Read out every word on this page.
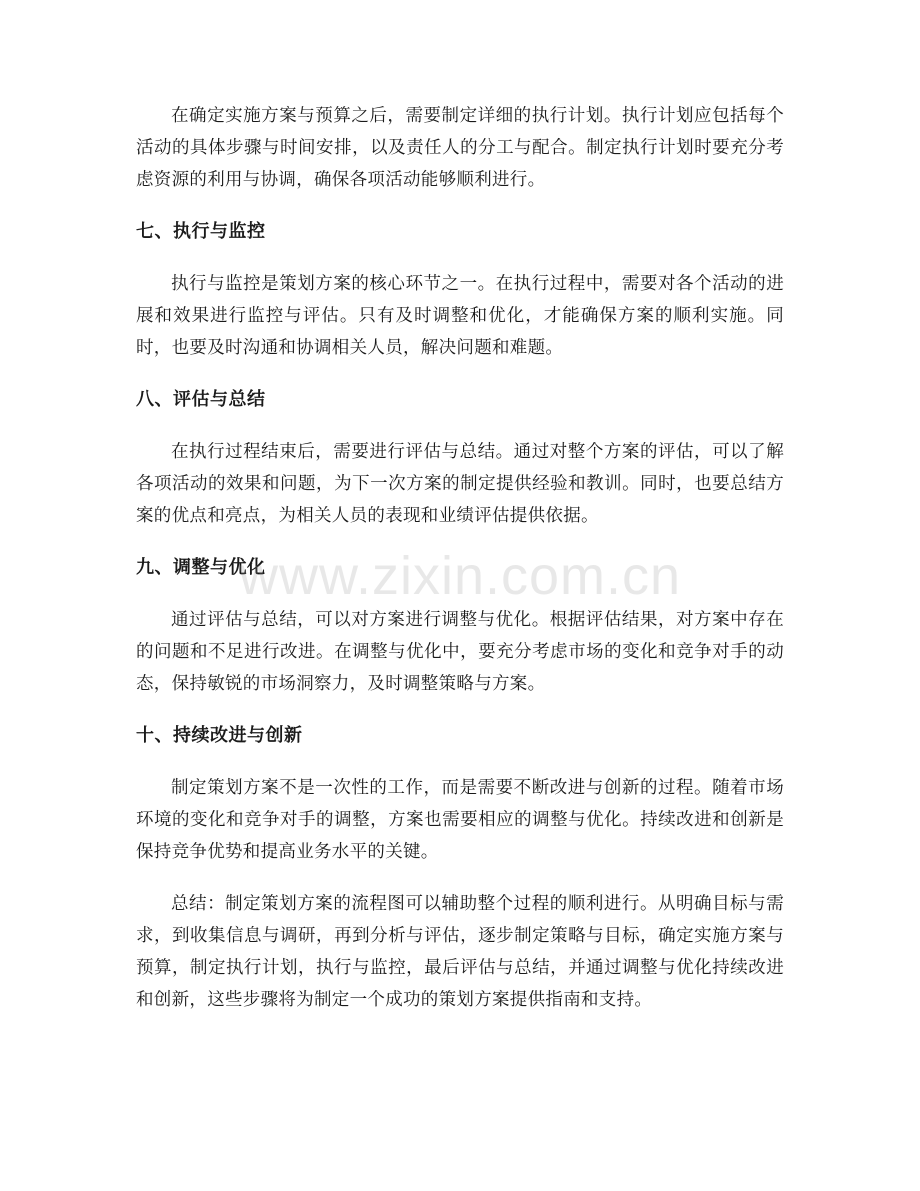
在确定实施方案与预算之后，需要制定详细的执行计划。执行计划应包括每个活动的具体步骤与时间安排，以及责任人的分工与配合。制定执行计划时要充分考虑资源的利用与协调，确保各项活动能够顺利进行。

七、执行与监控

执行与监控是策划方案的核心环节之一。在执行过程中，需要对各个活动的进展和效果进行监控与评估。只有及时调整和优化，才能确保方案的顺利实施。同时，也要及时沟通和协调相关人员，解决问题和难题。

八、评估与总结

在执行过程结束后，需要进行评估与总结。通过对整个方案的评估，可以了解各项活动的效果和问题，为下一次方案的制定提供经验和教训。同时，也要总结方案的优点和亮点，为相关人员的表现和业绩评估提供依据。

九、调整与优化

通过评估与总结，可以对方案进行调整与优化。根据评估结果，对方案中存在的问题和不足进行改进。在调整与优化中，要充分考虑市场的变化和竞争对手的动态，保持敏锐的市场洞察力，及时调整策略与方案。

十、持续改进与创新

制定策划方案不是一次性的工作，而是需要不断改进与创新的过程。随着市场环境的变化和竞争对手的调整，方案也需要相应的调整与优化。持续改进和创新是保持竞争优势和提高业务水平的关键。

总结：制定策划方案的流程图可以辅助整个过程的顺利进行。从明确目标与需求，到收集信息与调研，再到分析与评估，逐步制定策略与目标，确定实施方案与预算，制定执行计划，执行与监控，最后评估与总结，并通过调整与优化持续改进和创新，这些步骤将为制定一个成功的策划方案提供指南和支持。

www.zixin.com.cn
